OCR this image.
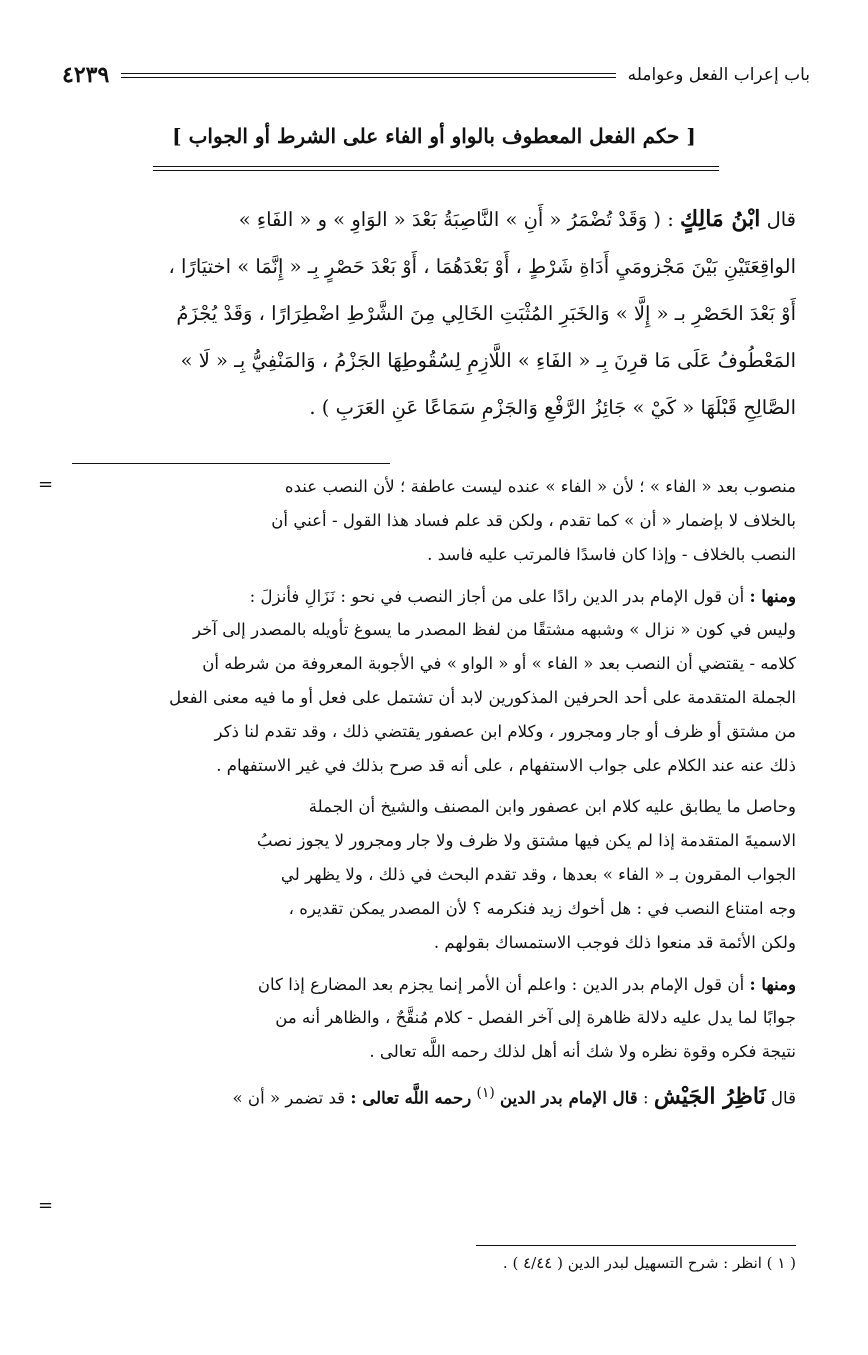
باب إعراب الفعل وعوامله
٤٢٣٩
[ حكم الفعل المعطوف بالواو أو الفاء على الشرط أو الجواب ]
قال ابْنُ مَالِكٍ : ( وَقَدْ تُضْمَرُ « أَنِ » النَّاصِبَةُ بَعْدَ « الوَاوِ » و « الفَاءِ »
الواقِعَتَيْنِ بَيْنَ مَجْزومَيِ أَدَاةِ شَرْطٍ ، أَوْ بَعْدَهُمَا ، أَوْ بَعْدَ حَصْرٍ بِـ « إِنَّمَا » اختيَارًا ،
أَوْ بَعْدَ الحَصْرِ بـ « إِلَّا » وَالخَبَرِ المُثْبَتِ الخَالِي مِنَ الشَّرْطِ اضْطِرَارًا ، وَقَدْ يُجْزَمُ
المَعْطُوفُ عَلَى مَا قرِنَ بِـ « الفَاءِ » اللَّازِمِ لِسُقُوطِهَا الجَزْمُ ، وَالمَنْفِيُّ بِـ « لَا »
الصَّالِحِ قَبْلَهَا « كَيْ » جَائِزُ الرَّفْعِ وَالجَزْمِ سَمَاعًا عَنِ العَرَبِ ) .
=	منصوب بعد « الفاء » ؛ لأن « الفاء » عنده ليست عاطفة ؛ لأن النصب عنده
بالخلاف لا بإضمار « أن » كما تقدم ، ولكن قد علم فساد هذا القول - أعني أن
النصب بالخلاف - وإذا كان فاسدًا فالمرتب عليه فاسد .
ومنها : أن قول الإمام بدر الدين رادًا على من أجاز النصب في نحو : نَزَالِ فأنزلَ :
وليس في كون « نزال » وشبهه مشتقًا من لفظ المصدر ما يسوغ تأويله بالمصدر إلى آخر
كلامه - يقتضي أن النصب بعد « الفاء » أو « الواو » في الأجوبة المعروفة من شرطه أن
الجملة المتقدمة على أحد الحرفين المذكورين لابد أن تشتمل على فعل أو ما فيه معنى الفعل
من مشتق أو ظرف أو جار ومجرور ، وكلام ابن عصفور يقتضي ذلك ، وقد تقدم لنا ذكر
ذلك عنه عند الكلام على جواب الاستفهام ، على أنه قد صرح بذلك في غير الاستفهام .
وحاصل ما يطابق عليه كلام ابن عصفور وابن المصنف والشيخ أن الجملة
الاسميةَ المتقدمة إذا لم يكن فيها مشتق ولا ظرف ولا جار ومجرور لا يجوز نصبُ
الجواب المقرون بـ « الفاء » بعدها ، وقد تقدم البحث في ذلك ، ولا يظهر لي
وجه امتناع النصب في : هل أخوك زيد فنكرمه ؟ لأن المصدر يمكن تقديره ،
ولكن الأئمة قد منعوا ذلك فوجب الاستمساك بقولهم .
ومنها : أن قول الإمام بدر الدين : واعلم أن الأمر إنما يجزم بعد المضارع إذا كان
جوابًا لما يدل عليه دلالة ظاهرة إلى آخر الفصل - كلام مُنقَّحٌ ، والظاهر أنه من
نتيجة فكره وقوة نظره ولا شك أنه أهل لذلك رحمه اللَّه تعالى .
قال نَاظِرُ الجَيْشِ : قال الإمام بدر الدين $^{(١)}$ رحمه اللَّه تعالى : قد تضمر « أن »
=
( ١ ) انظر : شرح التسهيل لبدر الدين ( ٤/٤٤ ) .
